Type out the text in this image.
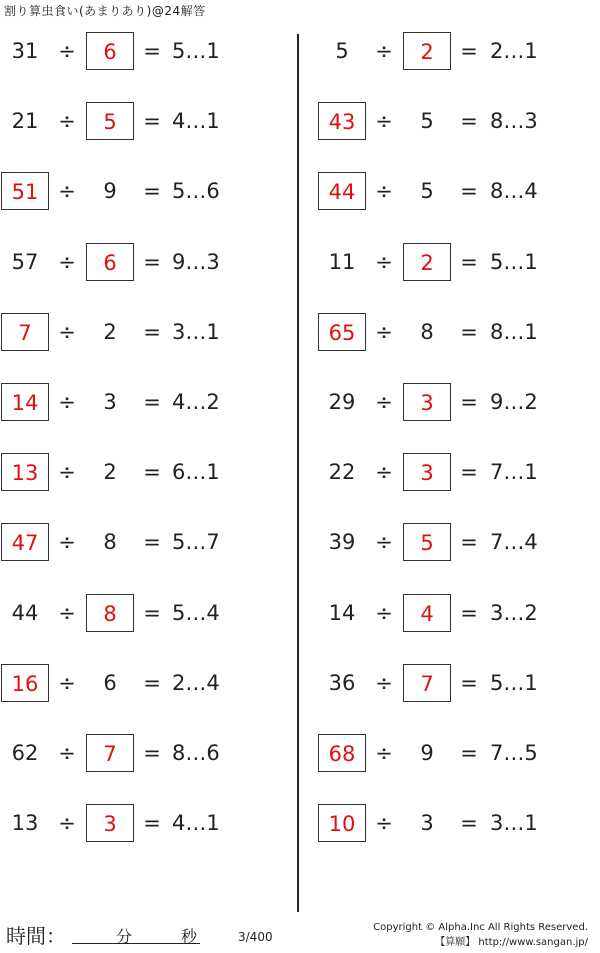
割り算虫食い(あまりあり)@24解答
31 ÷	6	= 5…1
21 ÷	5	= 4…1
51 ÷	9	= 5…6
57 ÷	6	= 9…3
7	÷	2	= 3…1
14 ÷	3	= 4…2
13 ÷	2	= 6…1
47 ÷	8	= 5…7
44 ÷	8	= 5…4
16 ÷	6	= 2…4
62 ÷	7	= 8…6
13 ÷	3	= 4…1
5	÷	2	= 2…1
43 ÷	5	= 8…3
44 ÷	5	= 8…4
11 ÷	2	= 5…1
65 ÷	8	= 8…1
29 ÷	3	= 9…2
22 ÷	3	= 7…1
39 ÷	5	= 7…4
14 ÷	4	= 3…2
36 ÷	7	= 5…1
68 ÷	9	= 7…5
10 ÷	3	= 3…1
時間：	分	秒	3/400
Copyright © Alpha.Inc All Rights Reserved.
【算願】 http://www.sangan.jp/
